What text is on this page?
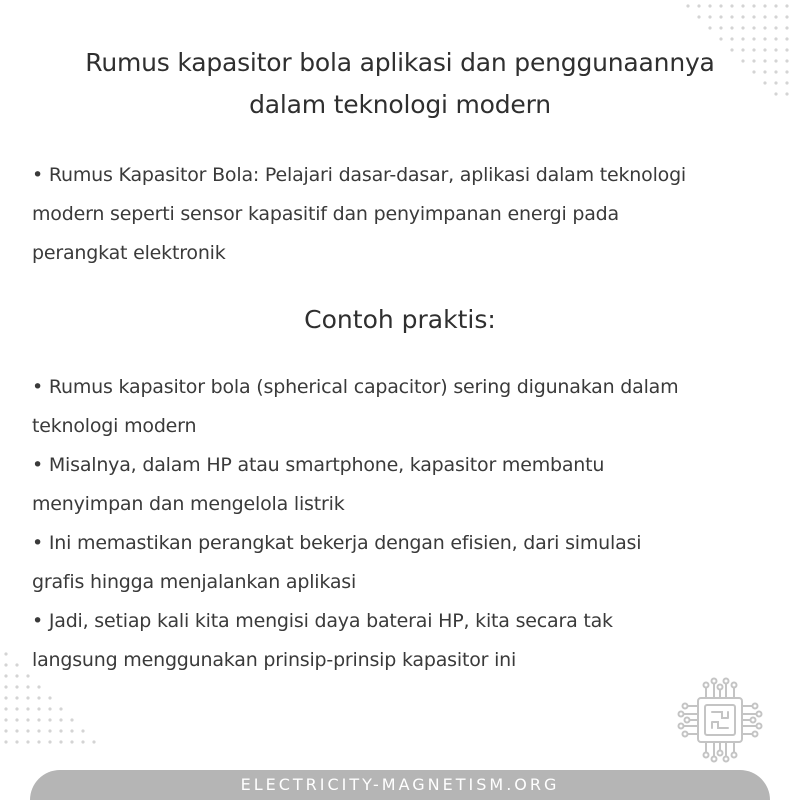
Rumus kapasitor bola aplikasi dan penggunaannya
dalam teknologi modern
• Rumus Kapasitor Bola: Pelajari dasar-dasar, aplikasi dalam teknologi
modern seperti sensor kapasitif dan penyimpanan energi pada
perangkat elektronik
Contoh praktis:
• Rumus kapasitor bola (spherical capacitor) sering digunakan dalam
teknologi modern
• Misalnya, dalam HP atau smartphone, kapasitor membantu
menyimpan dan mengelola listrik
• Ini memastikan perangkat bekerja dengan efisien, dari simulasi
grafis hingga menjalankan aplikasi
• Jadi, setiap kali kita mengisi daya baterai HP, kita secara tak
langsung menggunakan prinsip-prinsip kapasitor ini
ELECTRICITY-MAGNETISM.ORG
